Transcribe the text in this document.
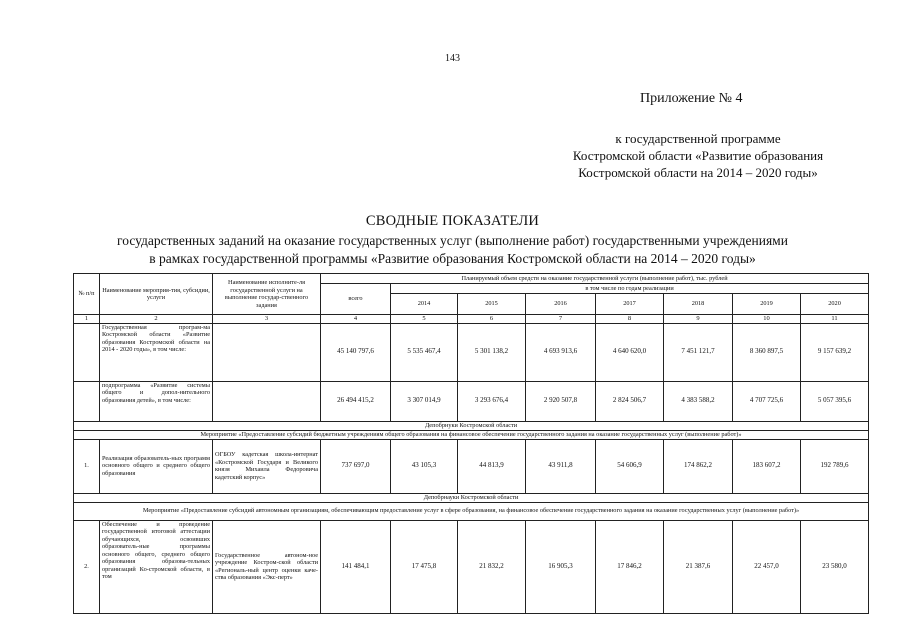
143
Приложение № 4
к государственной программе
Костромской области «Развитие образования
Костромской области на 2014 – 2020 годы»
СВОДНЫЕ ПОКАЗАТЕЛИ
государственных заданий на оказание государственных услуг (выполнение работ) государственными учреждениями
в рамках государственной программы «Развитие образования Костромской области на 2014 – 2020 годы»
№ п/п	Наименование мероприя-тия, субсидии, услуги	Наименование исполните-ля государственной услуги на выполнение государ-ственного задания	Планируемый объем средств на оказание государственной услуги (выполнение работ), тыс. рублей							
			всего	в том числе по годам реализации						
				2014	2015	2016	2017	2018	2019	2020
1	2	3	4	5	6	7	8	9	10	11
	Государственная програм-ма Костромской области «Развитие образования Костромской области на 2014 - 2020 годы», в том числе:		45 140 797,6	5 535 467,4	5 301 138,2	4 693 913,6	4 640 620,0	7 451 121,7	8 360 897,5	9 157 639,2
	подпрограмма «Развитие системы общего и допол-нительного образования детей», в том числе:		26 494 415,2	3 307 014,9	3 293 676,4	2 920 507,8	2 824 506,7	4 383 588,2	4 707 725,6	5 057 395,6
Депобрнуки Костромской области										
Мероприятие «Предоставление субсидий бюджетным учреждениям общего образования на финансовое обеспечение государственного задания на оказание государственных услуг (выполнение работ)»										
1.	Реализация образователь-ных программ основного общего и среднего общего образования	ОГБОУ кадетская школа-интернат «Костромской Государя и Великого князя Михаила Федоровича кадетский корпус»	737 697,0	43 105,3	44 813,9	43 911,8	54 606,9	174 862,2	183 607,2	192 789,6
Депобрнауки Костромской области										
Мероприятие «Предоставление субсидий автономным организациям, обеспечивающим предоставление услуг в сфере образования, на финансовое обеспечение государственного задания на оказание государственных услуг (выполнение работ)»										
2.	Обеспечение и проведение государственной итоговой аттестации обучающихся, освоивших образователь-ные программы основного общего, среднего общего образования образова-тельных организаций Ко-стромской области, в том	Государственное автоном-ное учреждение Костром-ской области «Региональ-ный центр оценки каче-ства образования «Экс-перт»	141 484,1	17 475,8	21 832,2	16 905,3	17 846,2	21 387,6	22 457,0	23 580,0
